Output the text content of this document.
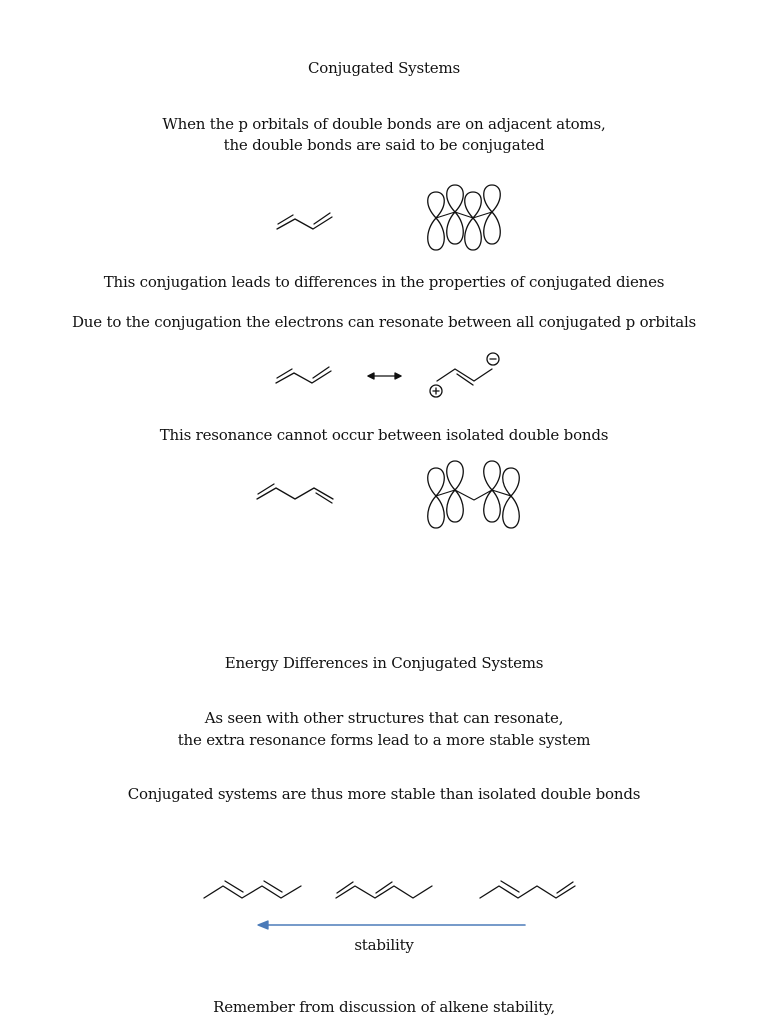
Conjugated Systems
When the p orbitals of double bonds are on adjacent atoms,
the double bonds are said to be conjugated
This conjugation leads to differences in the properties of conjugated dienes
Due to the conjugation the electrons can resonate between all conjugated p orbitals
This resonance cannot occur between isolated double bonds
Energy Differences in Conjugated Systems
As seen with other structures that can resonate,
the extra resonance forms lead to a more stable system
Conjugated systems are thus more stable than isolated double bonds
stability
Remember from discussion of alkene stability,
